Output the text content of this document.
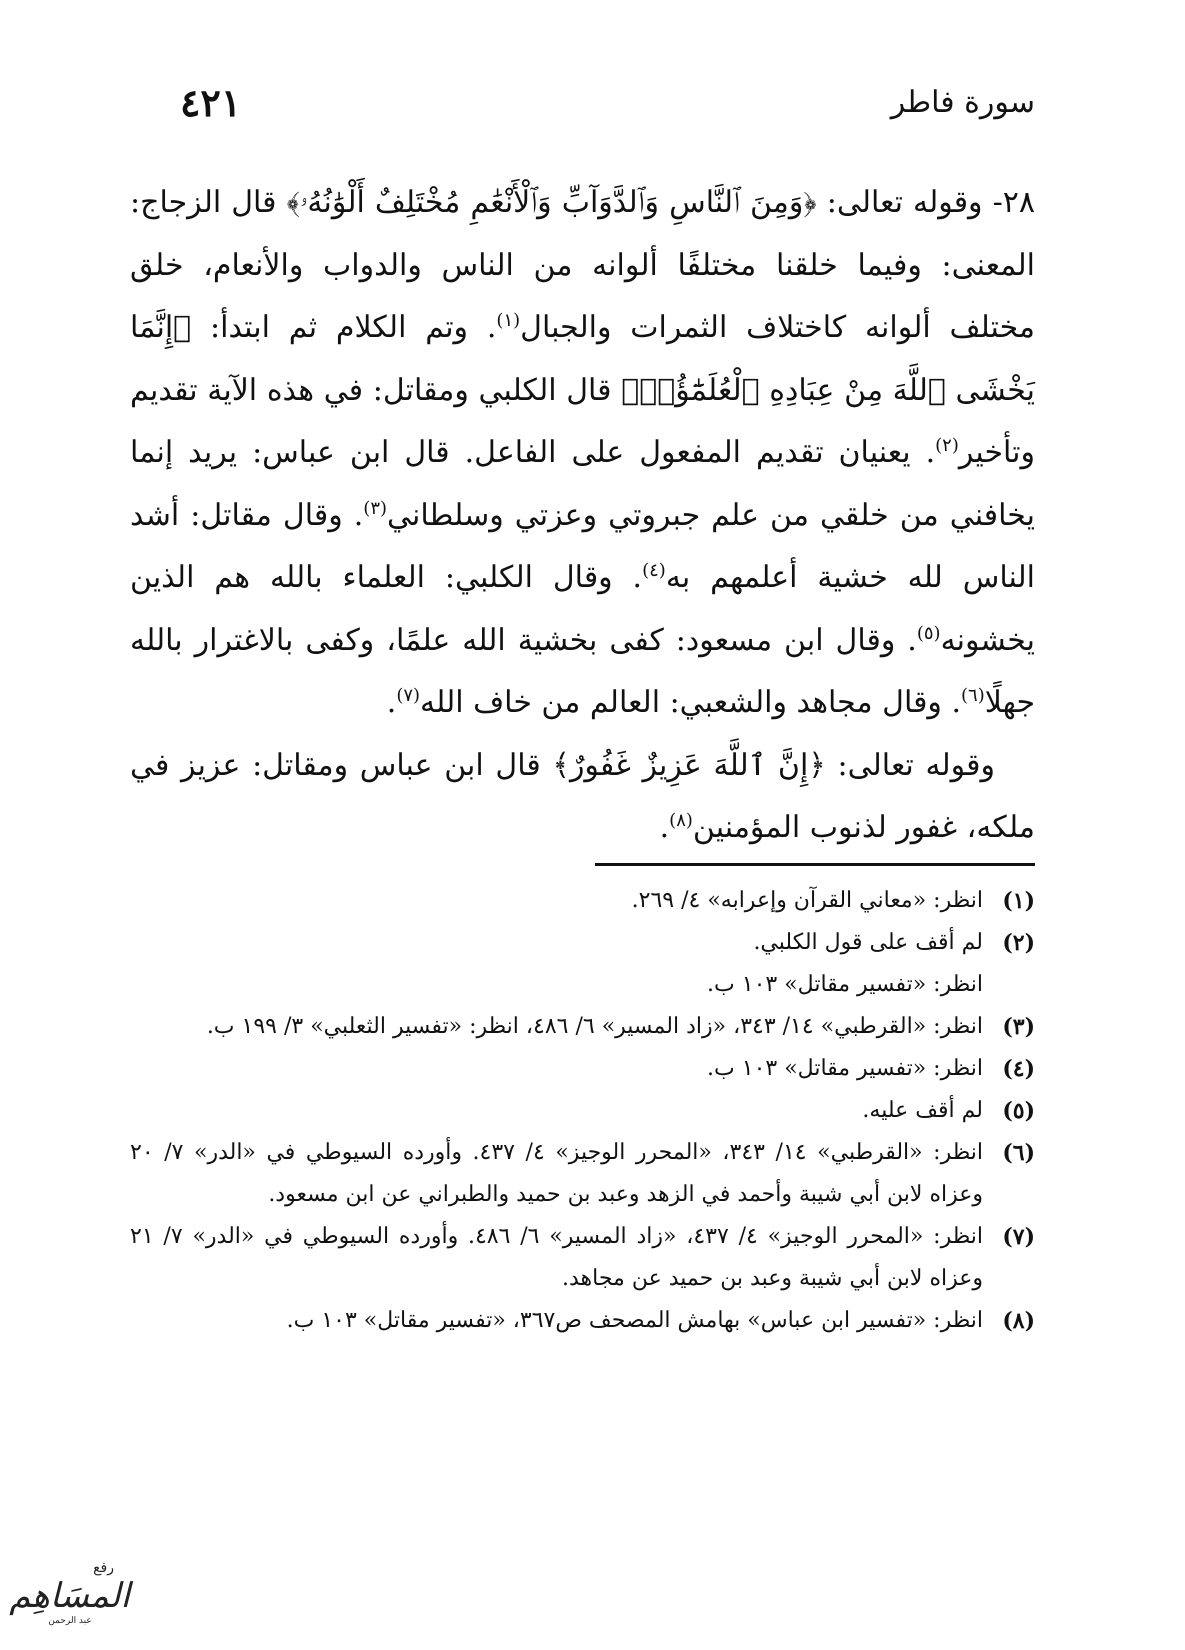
٤٢١	سورة فاطر

٢٨- وقوله تعالى: ﴿وَمِنَ ٱلنَّاسِ وَٱلدَّوَآبِّ وَٱلْأَنْعَٰمِ مُخْتَلِفٌ أَلْوَٰنُهُۥ﴾ قال الزجاج: المعنى: وفيما خلقنا مختلفًا ألوانه من الناس والدواب والأنعام، خلق مختلف ألوانه كاختلاف الثمرات والجبال$^{(١)}$. وتم الكلام ثم ابتدأ: ﴿إِنَّمَا يَخْشَى ٱللَّهَ مِنْ عِبَادِهِ ٱلْعُلَمَٰٓؤُا۟﴾ قال الكلبي ومقاتل: في هذه الآية تقديم وتأخير$^{(٢)}$. يعنيان تقديم المفعول على الفاعل. قال ابن عباس: يريد إنما يخافني من خلقي من علم جبروتي وعزتي وسلطاني$^{(٣)}$. وقال مقاتل: أشد الناس لله خشية أعلمهم به$^{(٤)}$. وقال الكلبي: العلماء بالله هم الذين يخشونه$^{(٥)}$. وقال ابن مسعود: كفى بخشية الله علمًا، وكفى بالاغترار بالله جهلًا$^{(٦)}$. وقال مجاهد والشعبي: العالم من خاف الله$^{(٧)}$.

وقوله تعالى: ﴿إِنَّ ٱللَّهَ عَزِيزٌ غَفُورٌ﴾ قال ابن عباس ومقاتل: عزيز في ملكه، غفور لذنوب المؤمنين$^{(٨)}$.

(١)
انظر: «معاني القرآن وإعرابه» ٤/ ٢٦٩.
(٢)
لم أقف على قول الكلبي.
انظر: «تفسير مقاتل» ١٠٣ ب.
(٣)
انظر: «القرطبي» ١٤/ ٣٤٣، «زاد المسير» ٦/ ٤٨٦، انظر: «تفسير الثعلبي» ٣/ ١٩٩ ب.
(٤)
انظر: «تفسير مقاتل» ١٠٣ ب.
(٥)
لم أقف عليه.
(٦)
انظر: «القرطبي» ١٤/ ٣٤٣، «المحرر الوجيز» ٤/ ٤٣٧. وأورده السيوطي في «الدر» ٧/ ٢٠ وعزاه لابن أبي شيبة وأحمد في الزهد وعبد بن حميد والطبراني عن ابن مسعود.
(٧)
انظر: «المحرر الوجيز» ٤/ ٤٣٧، «زاد المسير» ٦/ ٤٨٦. وأورده السيوطي في «الدر» ٧/ ٢١ وعزاه لابن أبي شيبة وعبد بن حميد عن مجاهد.
(٨)
انظر: «تفسير ابن عباس» بهامش المصحف ص٣٦٧، «تفسير مقاتل» ١٠٣ ب.
رفع
المسَاهِم
عبد الرحمن
